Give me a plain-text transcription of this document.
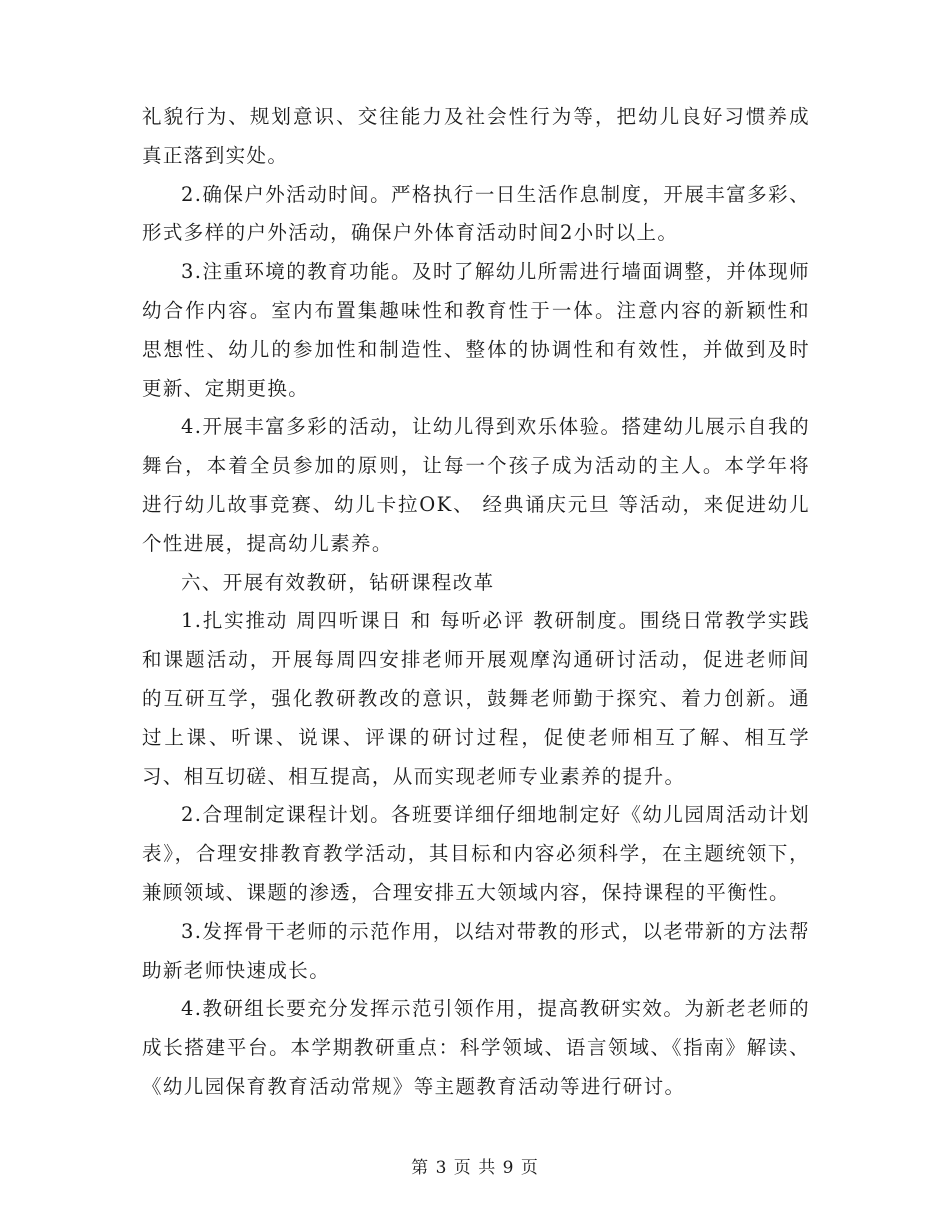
礼貌行为、规划意识、交往能力及社会性行为等，把幼儿良好习惯养成真正落到实处。

2.确保户外活动时间。严格执行一日生活作息制度，开展丰富多彩、形式多样的户外活动，确保户外体育活动时间2小时以上。

3.注重环境的教育功能。及时了解幼儿所需进行墙面调整，并体现师幼合作内容。室内布置集趣味性和教育性于一体。注意内容的新颖性和思想性、幼儿的参加性和制造性、整体的协调性和有效性，并做到及时更新、定期更换。

4.开展丰富多彩的活动，让幼儿得到欢乐体验。搭建幼儿展示自我的舞台，本着全员参加的原则，让每一个孩子成为活动的主人。本学年将进行幼儿故事竞赛、幼儿卡拉OK、 经典诵庆元旦 等活动，来促进幼儿个性进展，提高幼儿素养。

六、开展有效教研，钻研课程改革

1.扎实推动 周四听课日 和 每听必评 教研制度。围绕日常教学实践和课题活动，开展每周四安排老师开展观摩沟通研讨活动，促进老师间的互研互学，强化教研教改的意识，鼓舞老师勤于探究、着力创新。通过上课、听课、说课、评课的研讨过程，促使老师相互了解、相互学习、相互切磋、相互提高，从而实现老师专业素养的提升。

2.合理制定课程计划。各班要详细仔细地制定好《幼儿园周活动计划表》，合理安排教育教学活动，其目标和内容必须科学，在主题统领下，兼顾领域、课题的渗透，合理安排五大领域内容，保持课程的平衡性。

3.发挥骨干老师的示范作用，以结对带教的形式，以老带新的方法帮助新老师快速成长。

4.教研组长要充分发挥示范引领作用，提高教研实效。为新老老师的成长搭建平台。本学期教研重点：科学领域、语言领域、《指南》解读、《幼儿园保育教育活动常规》等主题教育活动等进行研讨。

第 3 页 共 9 页
